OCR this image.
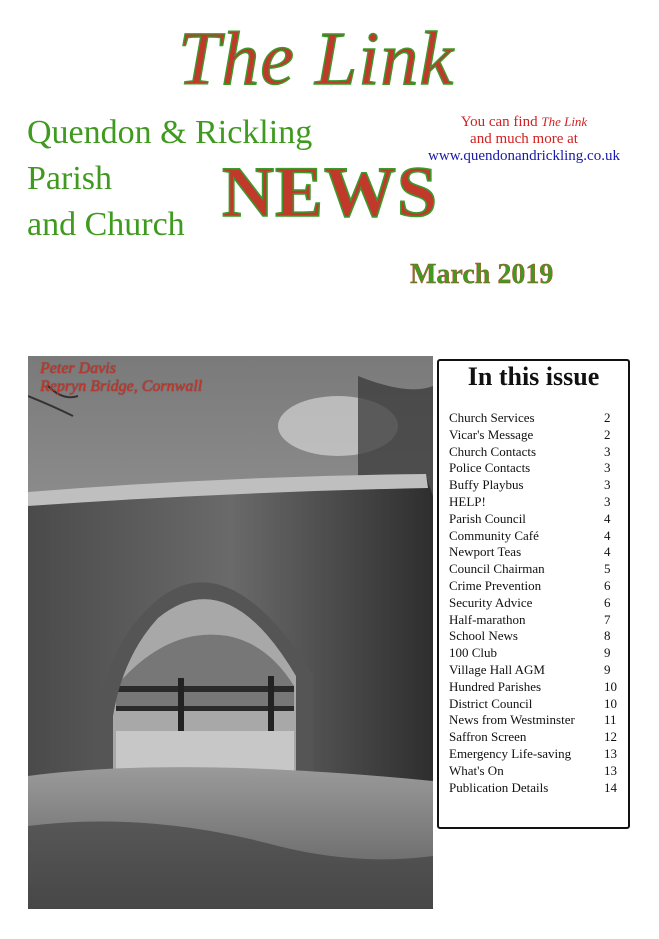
The Link
Quendon & Rickling
Parish
and Church NEWS
You can find The Link
and much more at
www.quendonandrickling.co.uk
March 2019
Peter Davis
Repryn Bridge, Cornwall	In this issue
Church Services	2
Vicar's Message	2
Church Contacts	3
Police Contacts	3
Buffy Playbus	3
HELP!	3
Parish Council	4
Community Café	4
Newport Teas	4
Council Chairman	5
Crime Prevention	6
Security Advice	6
Half-marathon	7
School News	8
100 Club	9
Village Hall AGM	9
Hundred Parishes	10
District Council	10
News from Westminster 11
Saffron Screen	12
Emergency Life-saving	13
What's On	13
Publication Details	14
